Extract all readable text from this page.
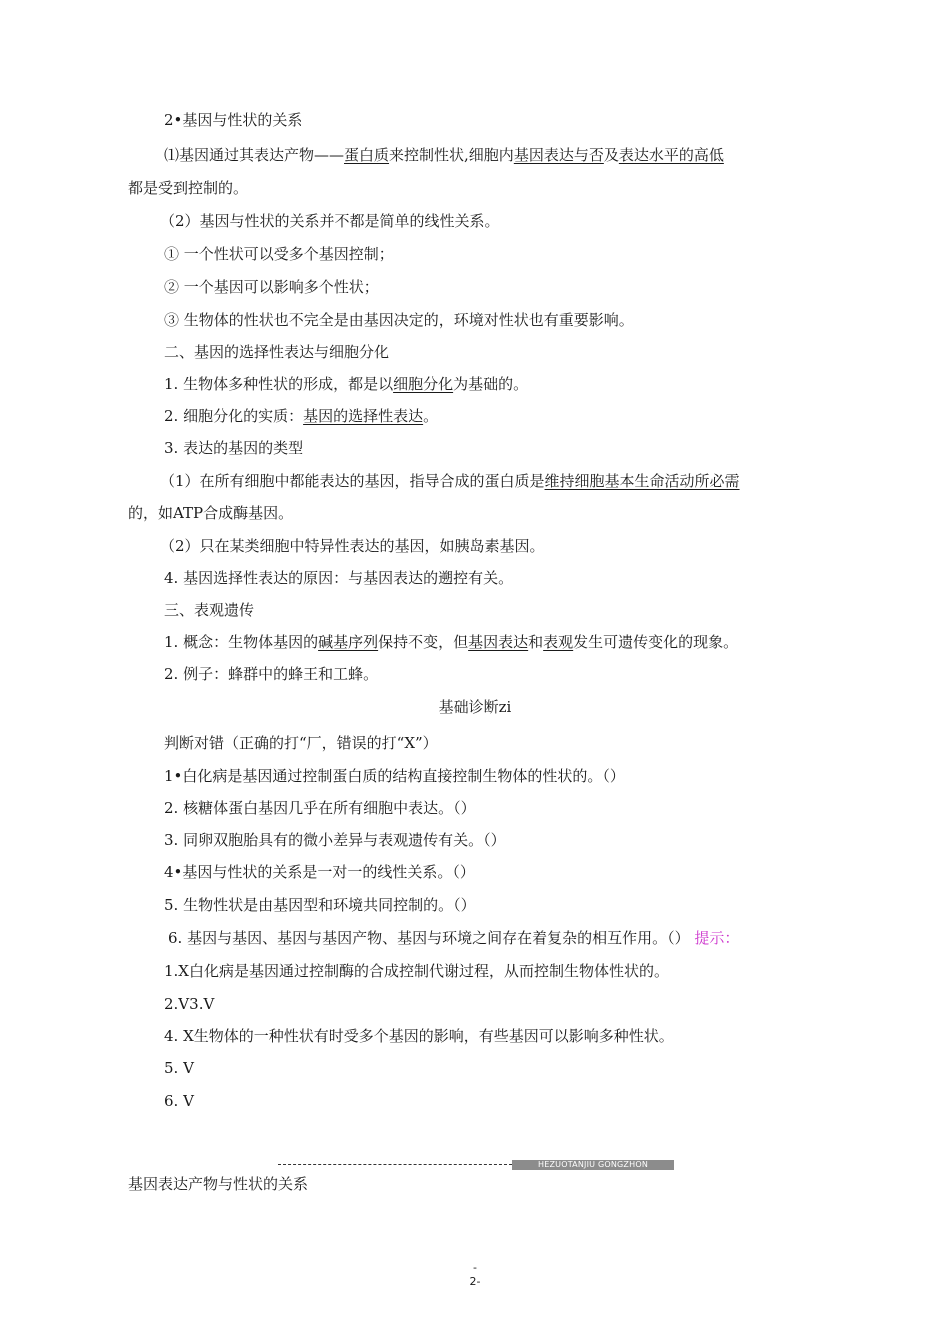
2•基因与性状的关系
⑴基因通过其表达产物——蛋白质来控制性状,细胞内基因表达与否及表达水平的高低
都是受到控制的。
（2）基因与性状的关系并不都是简单的线性关系。
① 一个性状可以受多个基因控制；
② 一个基因可以影响多个性状；
③ 生物体的性状也不完全是由基因决定的，环境对性状也有重要影响。
二、基因的选择性表达与细胞分化
1. 生物体多种性状的形成，都是以细胞分化为基础的。
2. 细胞分化的实质：基因的选择性表达。
3. 表达的基因的类型
（1）在所有细胞中都能表达的基因，指导合成的蛋白质是维持细胞基本生命活动所必需
的，如ATP合成酶基因。
（2）只在某类细胞中特异性表达的基因，如胰岛素基因。
4. 基因选择性表达的原因：与基因表达的遡控有关。
三、表观遗传
1. 概念：生物体基因的碱基序列保持不变，但基因表达和表观发生可遗传变化的现象。
2. 例子：蜂群中的蜂王和工蜂。
基础诊断zi
判断对错（正确的打“厂，错误的打“X”）
1•白化病是基因通过控制蛋白质的结构直接控制生物体的性状的。（）
2. 核糖体蛋白基因几乎在所有细胞中表达。（）
3. 同卵双胞胎具有的微小差异与表观遗传有关。（）
4•基因与性状的关系是一对一的线性关系。（）
5. 生物性状是由基因型和环境共同控制的。（）
6. 基因与基因、基因与基因产物、基因与环境之间存在着复杂的相互作用。（） 提示：
1.X白化病是基因通过控制酶的合成控制代谢过程，从而控制生物体性状的。
2.V3.V
4. X生物体的一种性状有时受多个基因的影响，有些基因可以影响多种性状。
5. V
6. V
HEZUOTANJIU GONGZHON
基因表达产物与性状的关系
-
2-
